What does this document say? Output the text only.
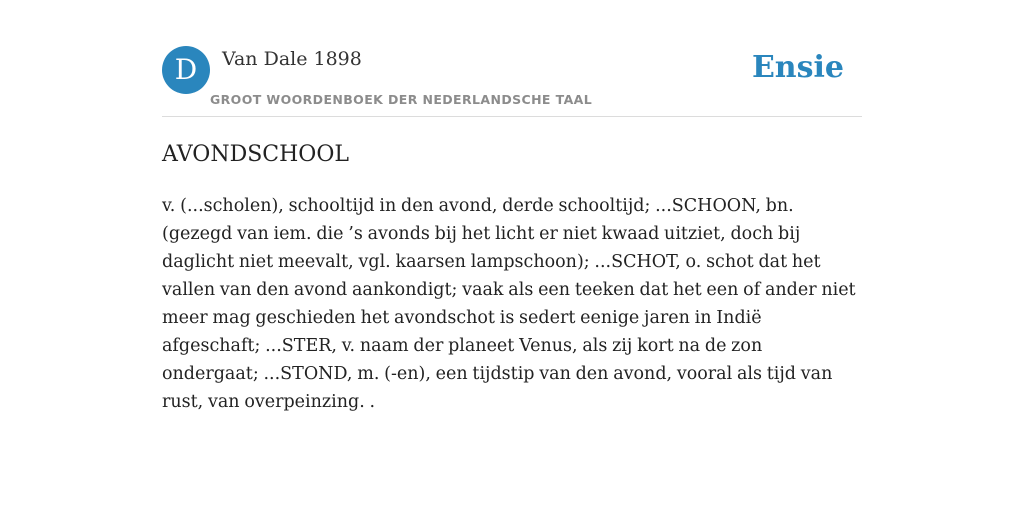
D	Van Dale 1898
GROOT WOORDENBOEK DER NEDERLANDSCHE TAAL
Ensie
AVONDSCHOOL

v. (...scholen), schooltijd in den avond, derde schooltijd; ...SCHOON, bn. (gezegd van iem. die ’s avonds bij het licht er niet kwaad uitziet, doch bij daglicht niet meevalt, vgl. kaarsen lampschoon); ...SCHOT, o. schot dat het vallen van den avond aankondigt; vaak als een teeken dat het een of ander niet meer mag geschieden het avondschot is sedert eenige jaren in Indië afgeschaft; ...STER, v. naam der planeet Venus, als zij kort na de zon ondergaat; ...STOND, m. (-en), een tijdstip van den avond, vooral als tijd van rust, van overpeinzing. .
